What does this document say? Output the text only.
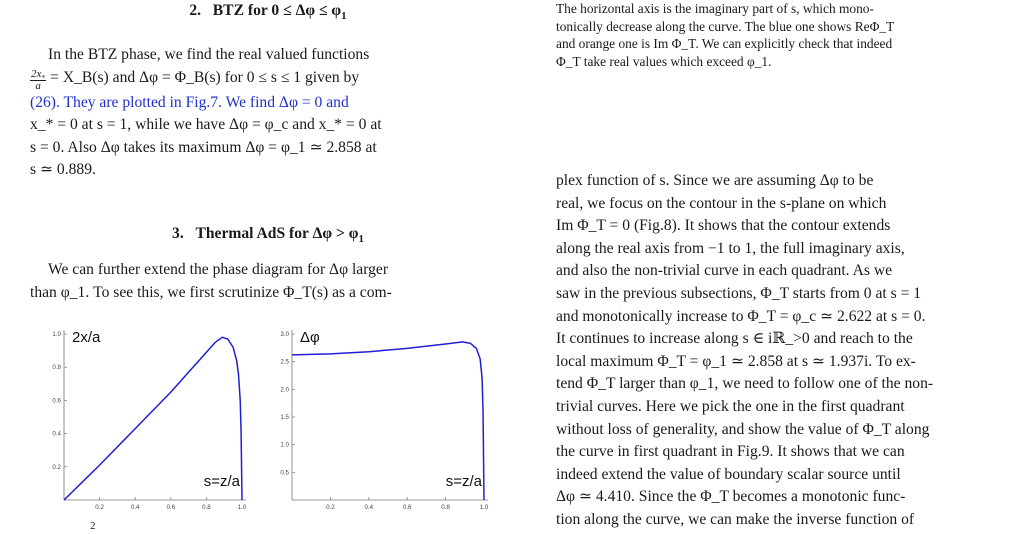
2. BTZ for $0 \le \Delta\varphi \le \varphi_1$

In the BTZ phase, we find the real valued functions

$\frac{2x_*}{a}$ = X_B(s) and Δφ = Φ_B(s) for 0 ≤ s ≤ 1 given by

(26). They are plotted in Fig.7. We find Δφ = 0 and

x_* = 0 at s = 1, while we have Δφ = φ_c and x_* = 0 at

s = 0. Also Δφ takes its maximum Δφ = φ_1 ≃ 2.858 at

s ≃ 0.889.

3. Thermal AdS for $\Delta\varphi > \varphi_1$

We can further extend the phase diagram for Δφ larger

than φ_1. To see this, we first scrutinize Φ_T(s) as a com-

0.2	0.4	0.6	0.8	1.0
0.2
0.4
0.6
0.8
1.0 2x/a
s=z/a
0.2	0.4	0.6	0.8	1.0
0.5
1.0
1.5
2.0
2.5
3.0 Δφ
s=z/a
2

The horizontal axis is the imaginary part of s, which mono-

tonically decrease along the curve. The blue one shows ReΦ_T

and orange one is Im Φ_T. We can explicitly check that indeed

Φ_T take real values which exceed φ_1.

plex function of s. Since we are assuming Δφ to be

real, we focus on the contour in the s-plane on which

Im Φ_T = 0 (Fig.8). It shows that the contour extends

along the real axis from −1 to 1, the full imaginary axis,

and also the non-trivial curve in each quadrant. As we

saw in the previous subsections, Φ_T starts from 0 at s = 1

and monotonically increase to Φ_T = φ_c ≃ 2.622 at s = 0.

It continues to increase along s ∈ iℝ_>0 and reach to the

local maximum Φ_T = φ_1 ≃ 2.858 at s ≃ 1.937i. To ex-

tend Φ_T larger than φ_1, we need to follow one of the non-

trivial curves. Here we pick the one in the first quadrant

without loss of generality, and show the value of Φ_T along

the curve in first quadrant in Fig.9. It shows that we can

indeed extend the value of boundary scalar source until

Δφ ≃ 4.410. Since the Φ_T becomes a monotonic func-

tion along the curve, we can make the inverse function of
